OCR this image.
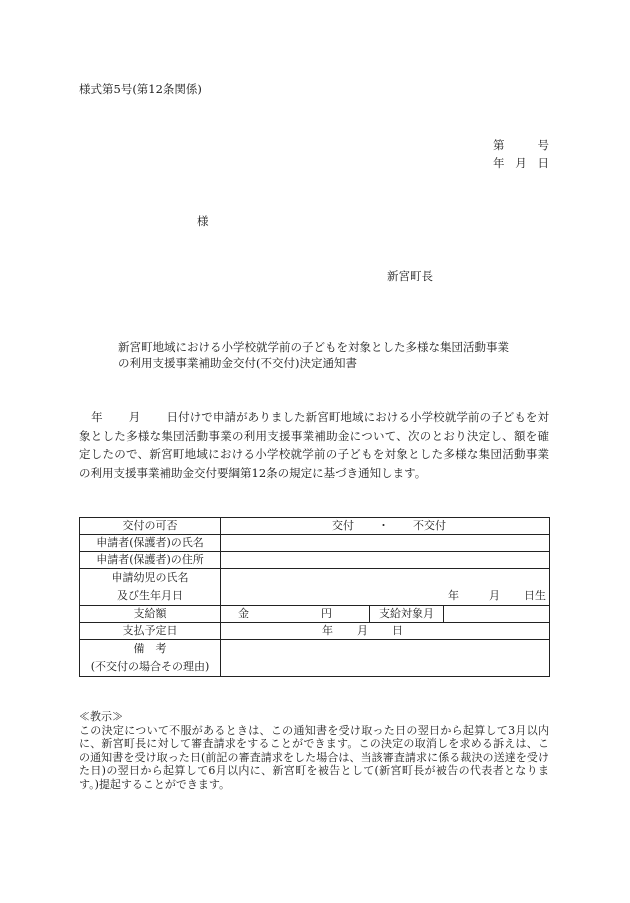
様式第5号(第12条関係)
第	号
年 月 日
様
新宮町長
新宮町地域における小学校就学前の子どもを対象とした多様な集団活動事業
の利用支援事業補助金交付(不交付)決定通知書
年 月 日付けで申請がありました新宮町地域における小学校就学前の子どもを対象とした多様な集団活動事業の利用支援事業補助金について、次のとおり決定し、額を確定したので、新宮町地域における小学校就学前の子どもを対象とした多様な集団活動事業の利用支援事業補助金交付要綱第12条の規定に基づき通知します。
交付の可否	交付 ・ 不交付		
申請者(保護者)の氏名			
申請者(保護者)の住所			

申請幼児の氏名
及び生年月日	年 月 日生		
支給額	金 円	支給対象月	
支払予定日	年 月 日		

備　考
(不交付の場合その理由)			

≪教示≫
この決定について不服があるときは、この通知書を受け取った日の翌日から起算して3月以内に、新宮町長に対して審査請求をすることができます。この決定の取消しを求める訴えは、この通知書を受け取った日(前記の審査請求をした場合は、当該審査請求に係る裁決の送達を受けた日)の翌日から起算して6月以内に、新宮町を被告として(新宮町長が被告の代表者となります。)提起することができます。
